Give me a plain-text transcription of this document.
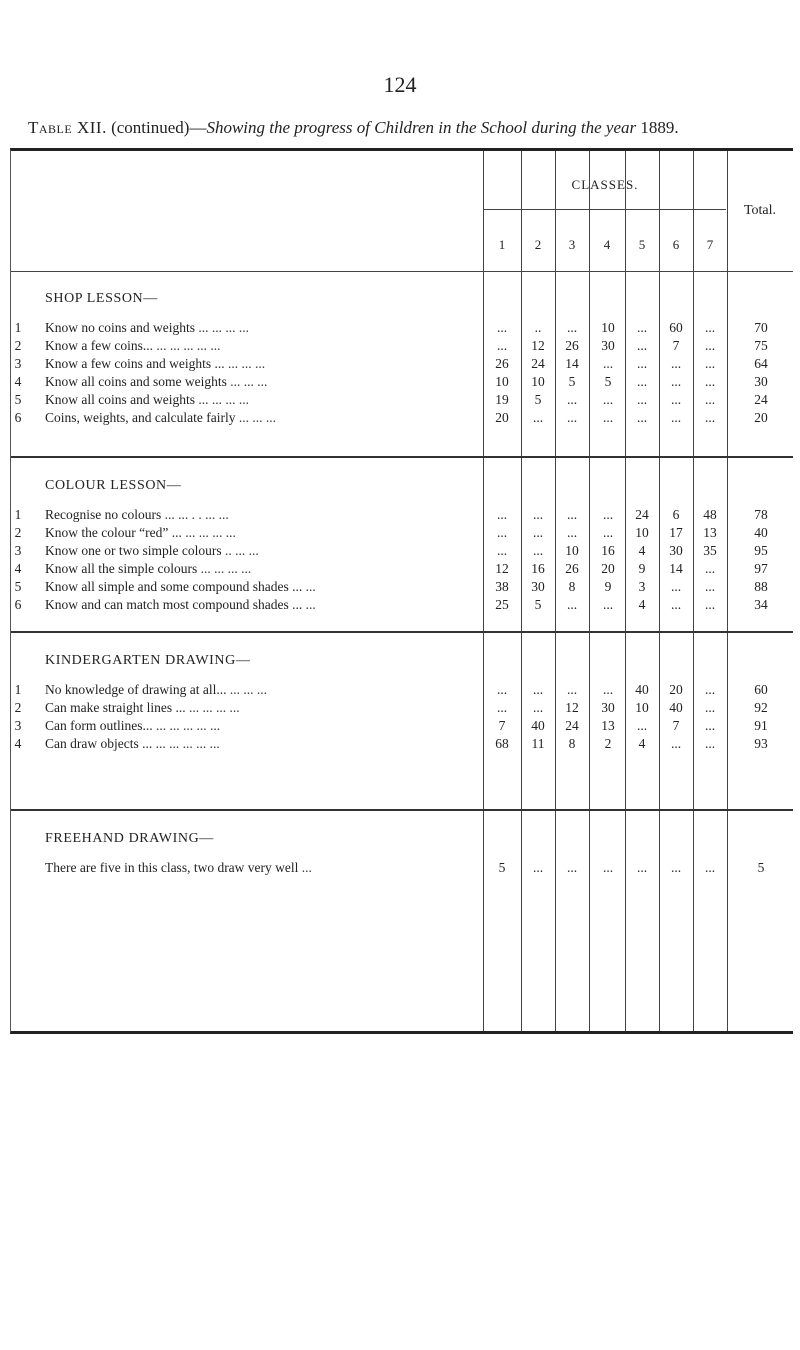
124
Table XII. (continued)—Showing the progress of Children in the School during the year 1889.
CLASSES.
Total.
1	2	3	4	5	6	7
SHOP LESSON—
1 Know no coins and weights ... ... ... ...	...	..	...	10	...	60	...	70
2 Know a few coins... ... ... ... ... ...	...	12	26	30	...	7	...	75
3 Know a few coins and weights ... ... ... ...	26	24	14	...	...	...	...	64
4 Know all coins and some weights ... ... ...	10	10	5	5	...	...	...	30
5 Know all coins and weights ... ... ... ...	19	5	...	...	...	...	...	24
6 Coins, weights, and calculate fairly ... ... ...	20	...	...	...	...	...	...	20
COLOUR LESSON—
1 Recognise no colours ... ... . . ... ...	...	...	...	...	24	6	48	78
2 Know the colour “red” ... ... ... ... ...	...	...	...	...	10	17	13	40
3 Know one or two simple colours .. ... ...	...	...	10	16	4	30	35	95
4 Know all the simple colours ... ... ... ...	12	16	26	20	9	14	...	97
5 Know all simple and some compound shades ... ...	38	30	8	9	3	...	...	88
6 Know and can match most compound shades ... ...	25	5	...	...	4	...	...	34
KINDERGARTEN DRAWING—
1 No knowledge of drawing at all... ... ... ...	...	...	...	...	40	20	...	60
2 Can make straight lines ... ... ... ... ...	...	...	12	30	10	40	...	92
3 Can form outlines... ... ... ... ... ...	7	40	24	13	...	7	...	91
4 Can draw objects ... ... ... ... ... ...	68	11	8	2	4	...	...	93
FREEHAND DRAWING—
There are five in this class, two draw very well ...	5	...	...	...	...	...	...	5
